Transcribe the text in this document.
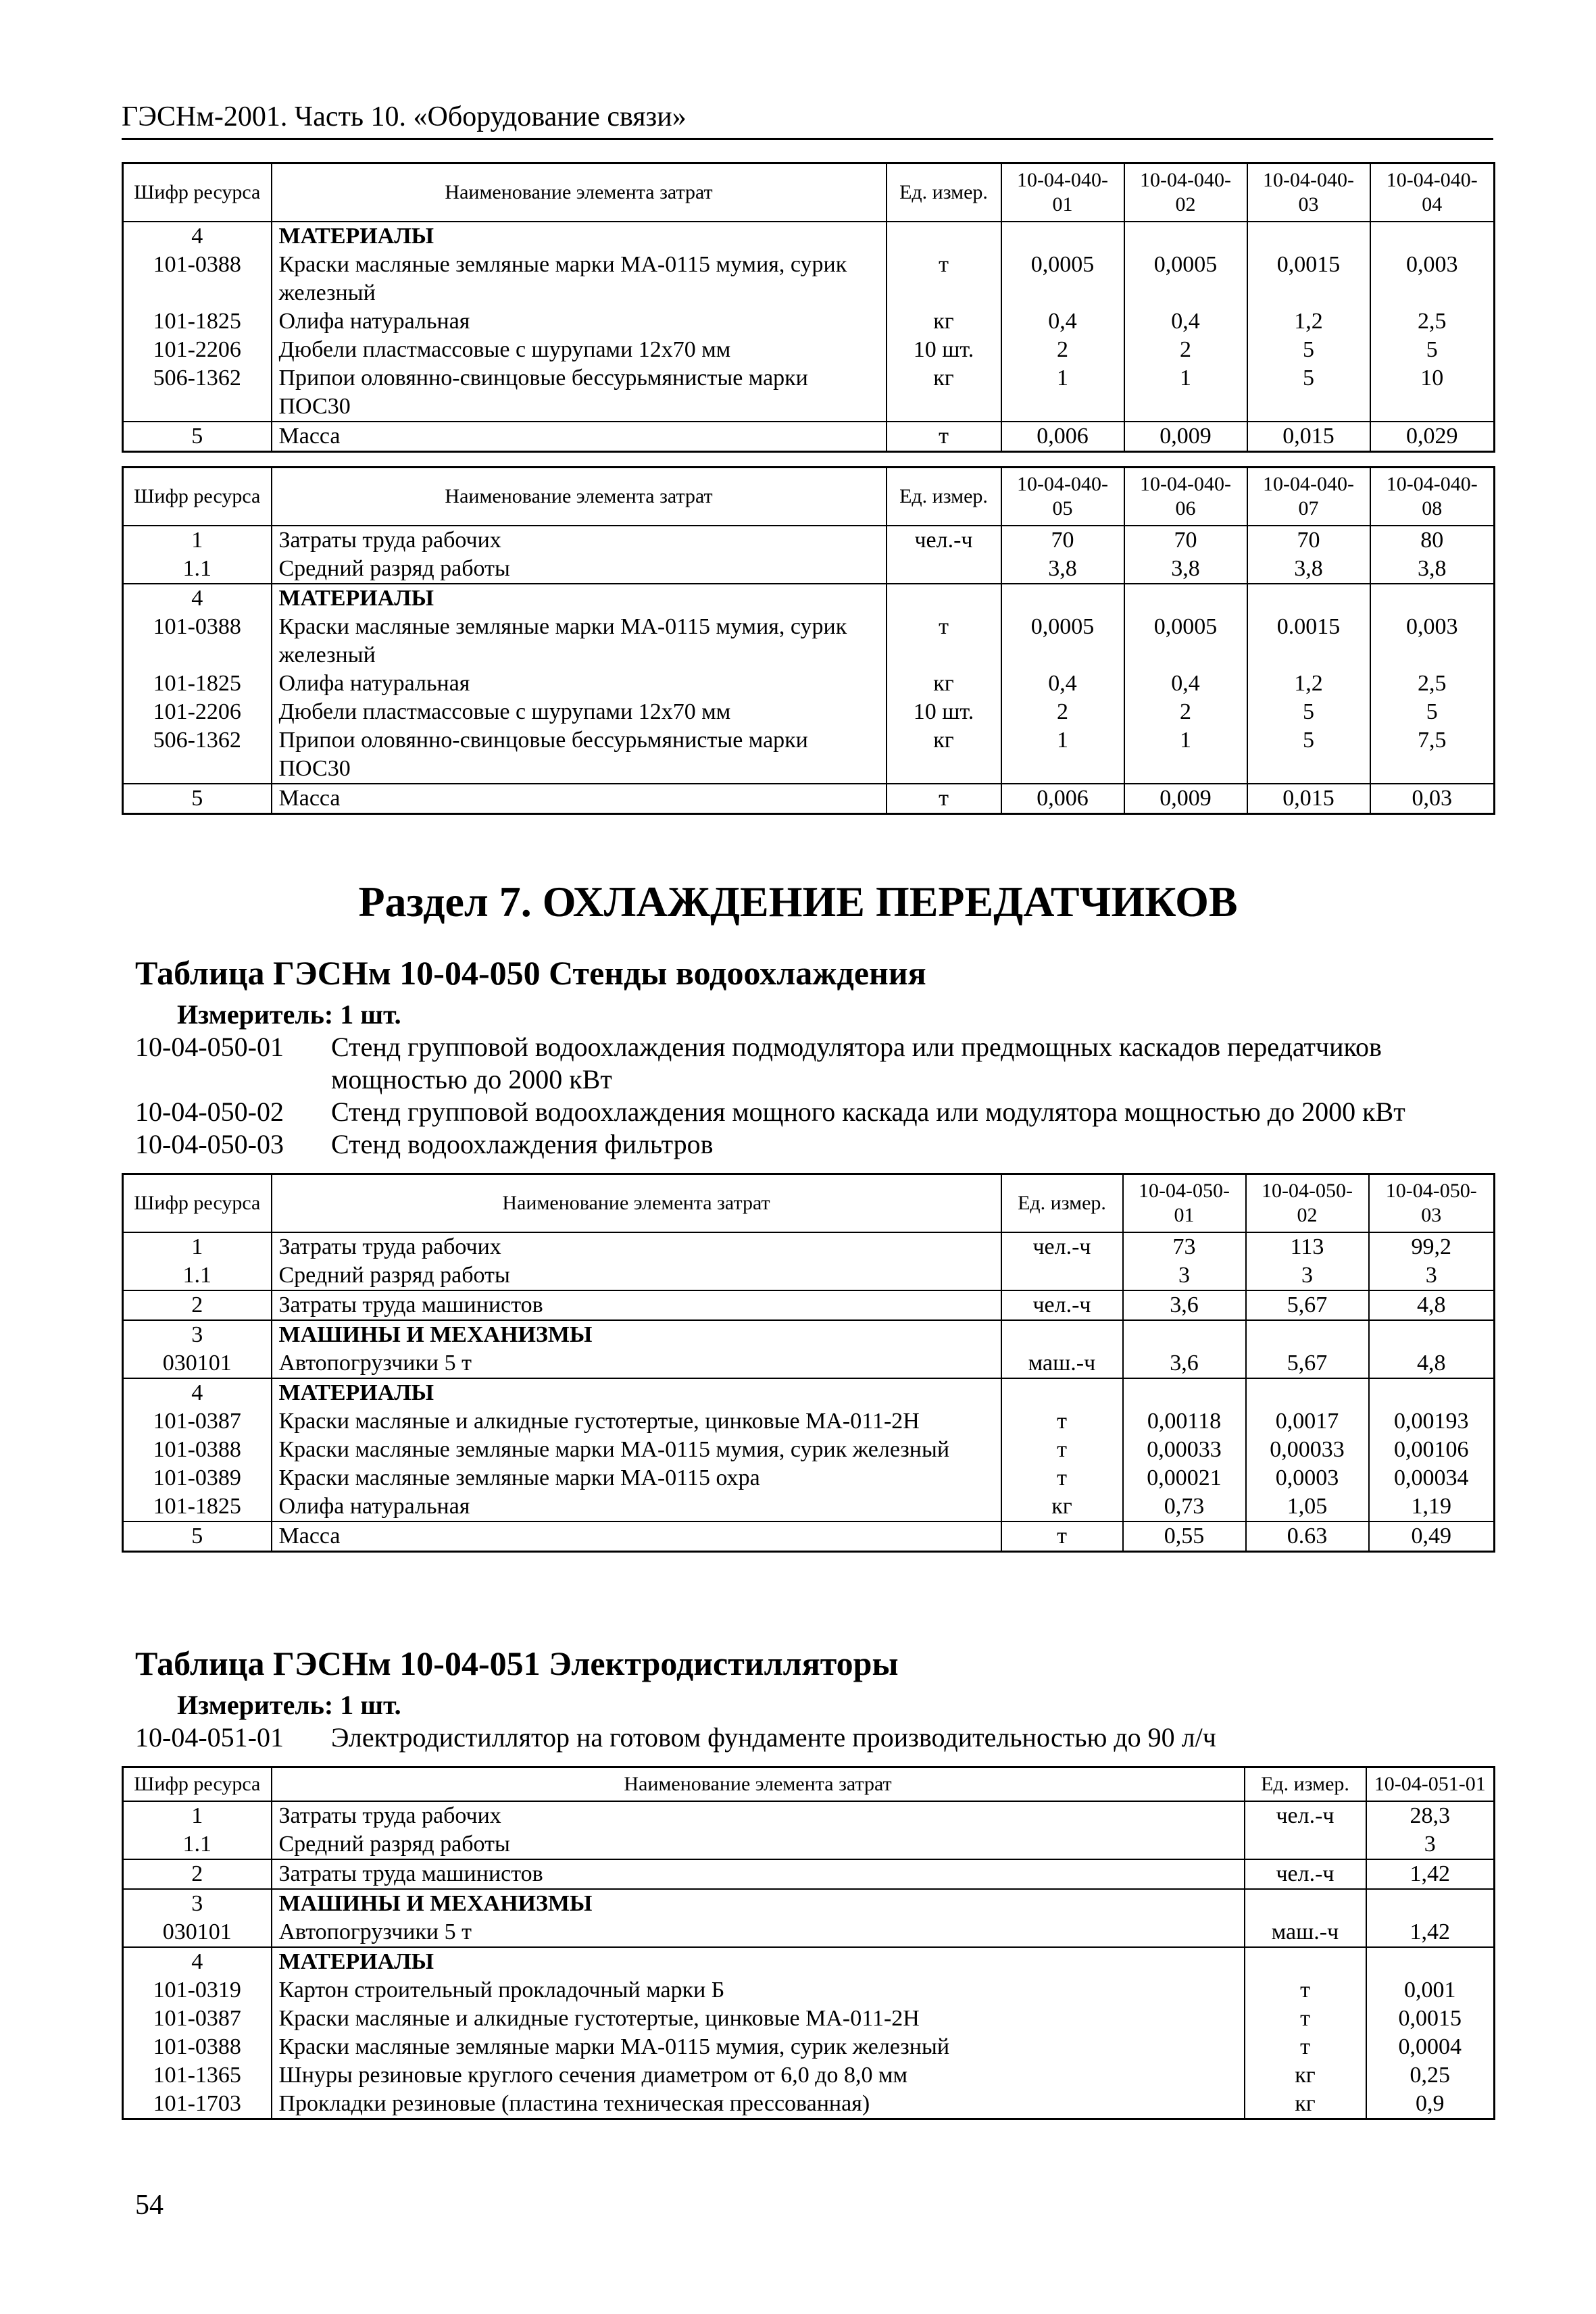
ГЭСНм-2001. Часть 10. «Оборудование связи»
Шифр ресурса	Наименование элемента затрат	Ед. измер.	10-04-040-01	10-04-040-02	10-04-040-03	10-04-040-04
4	МАТЕРИАЛЫ					
101-0388	Краски масляные земляные марки МА-0115 мумия, сурик железный	т	0,0005	0,0005	0,0015	0,003
101-1825	Олифа натуральная	кг	0,4	0,4	1,2	2,5
101-2206	Дюбели пластмассовые с шурупами 12x70 мм	10 шт.	2	2	5	5
506-1362	Припои оловянно-свинцовые бессурьмянистые марки ПОС30	кг	1	1	5	10
5	Масса	т	0,006	0,009	0,015	0,029
Шифр ресурса	Наименование элемента затрат	Ед. измер.	10-04-040-05	10-04-040-06	10-04-040-07	10-04-040-08
1	Затраты труда рабочих	чел.-ч	70	70	70	80
1.1	Средний разряд работы		3,8	3,8	3,8	3,8
4	МАТЕРИАЛЫ					
101-0388	Краски масляные земляные марки МА-0115 мумия, сурик железный	т	0,0005	0,0005	0.0015	0,003
101-1825	Олифа натуральная	кг	0,4	0,4	1,2	2,5
101-2206	Дюбели пластмассовые с шурупами 12x70 мм	10 шт.	2	2	5	5
506-1362	Припои оловянно-свинцовые бессурьмянистые марки ПОС30	кг	1	1	5	7,5
5	Масса	т	0,006	0,009	0,015	0,03
Раздел 7. ОХЛАЖДЕНИЕ ПЕРЕДАТЧИКОВ
Таблица ГЭСНм 10-04-050 Стенды водоохлаждения
Измеритель: 1 шт.
10-04-050-01	Стенд групповой водоохлаждения подмодулятора или предмощных каскадов передатчиков мощностью до 2000 кВт
10-04-050-02	Стенд групповой водоохлаждения мощного каскада или модулятора мощностью до 2000 кВт
10-04-050-03	Стенд водоохлаждения фильтров
Шифр ресурса	Наименование элемента затрат	Ед. измер.	10-04-050-01	10-04-050-02	10-04-050-03
1	Затраты труда рабочих	чел.-ч	73	113	99,2
1.1	Средний разряд работы		3	3	3
2	Затраты труда машинистов	чел.-ч	3,6	5,67	4,8
3	МАШИНЫ И МЕХАНИЗМЫ				
030101	Автопогрузчики 5 т	маш.-ч	3,6	5,67	4,8
4	МАТЕРИАЛЫ				
101-0387	Краски масляные и алкидные густотертые, цинковые МА-011-2Н	т	0,00118	0,0017	0,00193
101-0388	Краски масляные земляные марки МА-0115 мумия, сурик железный	т	0,00033	0,00033	0,00106
101-0389	Краски масляные земляные марки МА-0115 охра	т	0,00021	0,0003	0,00034
101-1825	Олифа натуральная	кг	0,73	1,05	1,19
5	Масса	т	0,55	0.63	0,49
Таблица ГЭСНм 10-04-051 Электродистилляторы
Измеритель: 1 шт.
10-04-051-01	Электродистиллятор на готовом фундаменте производительностью до 90 л/ч
Шифр ресурса	Наименование элемента затрат	Ед. измер.	10-04-051-01
1	Затраты труда рабочих	чел.-ч	28,3
1.1	Средний разряд работы		3
2	Затраты труда машинистов	чел.-ч	1,42
3	МАШИНЫ И МЕХАНИЗМЫ		
030101	Автопогрузчики 5 т	маш.-ч	1,42
4	МАТЕРИАЛЫ		
101-0319	Картон строительный прокладочный марки Б	т	0,001
101-0387	Краски масляные и алкидные густотертые, цинковые МА-011-2Н	т	0,0015
101-0388	Краски масляные земляные марки МА-0115 мумия, сурик железный	т	0,0004
101-1365	Шнуры резиновые круглого сечения диаметром от 6,0 до 8,0 мм	кг	0,25
101-1703	Прокладки резиновые (пластина техническая прессованная)	кг	0,9
54
